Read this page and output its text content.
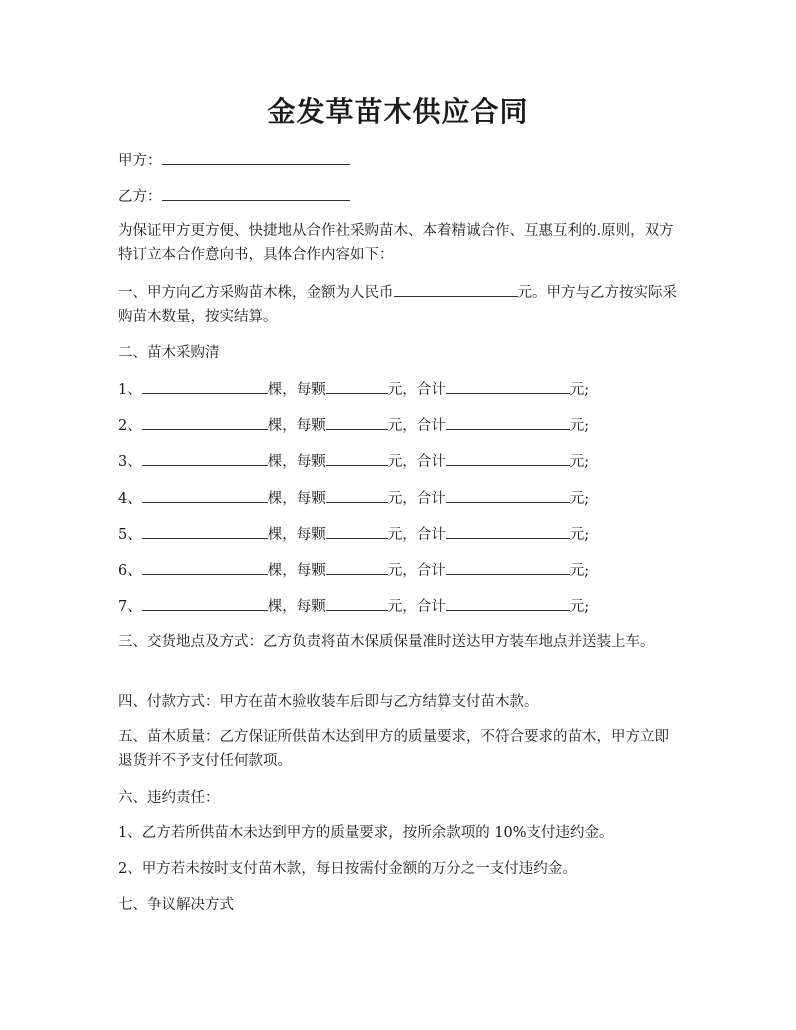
金发草苗木供应合同
甲方：
乙方：

为保证甲方更方便、快捷地从合作社采购苗木、本着精诚合作、互惠互利的.原则，双方特订立本合作意向书，具体合作内容如下：

一、甲方向乙方采购苗木株，金额为人民币	元。甲方与乙方按实际采购苗木数量，按实结算。

二、苗木采购清

1、	棵，每颗	元，合计	元;
2、	棵，每颗	元，合计	元;
3、	棵，每颗	元，合计	元;
4、	棵，每颗	元，合计	元;
5、	棵，每颗	元，合计	元;
6、	棵，每颗	元，合计	元;
7、	棵，每颗	元，合计	元;

三、交货地点及方式：乙方负责将苗木保质保量准时送达甲方装车地点并送装上车。

四、付款方式：甲方在苗木验收装车后即与乙方结算支付苗木款。

五、苗木质量：乙方保证所供苗木达到甲方的质量要求，不符合要求的苗木，甲方立即退货并不予支付任何款项。

六、违约责任：

1、乙方若所供苗木未达到甲方的质量要求，按所余款项的 10%支付违约金。

2、甲方若未按时支付苗木款，每日按需付金额的万分之一支付违约金。

七、争议解决方式
